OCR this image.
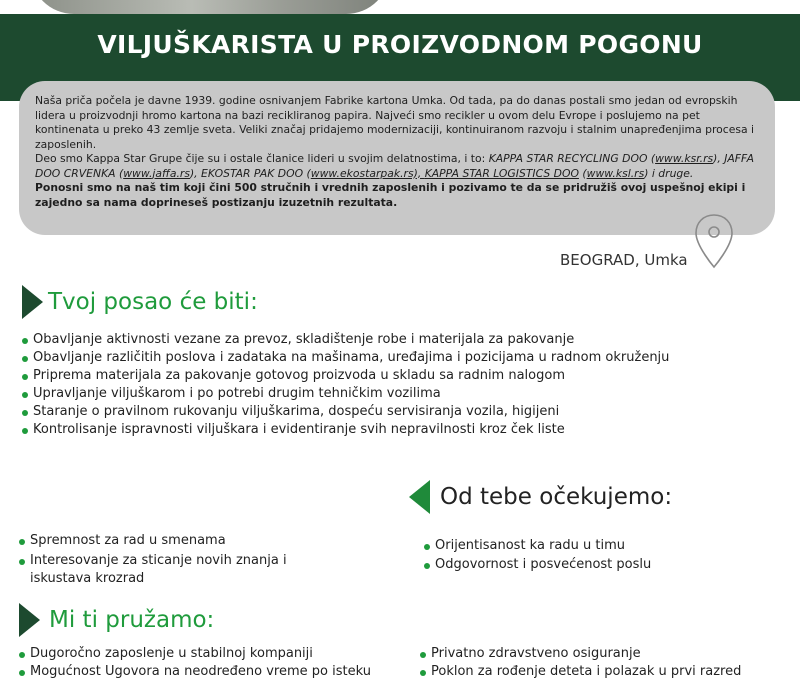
VILJUŠKARISTA U PROIZVODNOM POGONU

Naša priča počela je davne 1939. godine osnivanjem Fabrike kartona Umka. Od tada, pa do danas postali smo jedan od evropskih lidera u proizvodnji hromo kartona na bazi recikliranog papira. Najveći smo recikler u ovom delu Evrope i poslujemo na pet kontinenata u preko 43 zemlje sveta. Veliki značaj pridajemo modernizaciji, kontinuiranom razvoju i stalnim unapređenjima procesa i zaposlenih.

Deo smo Kappa Star Grupe čije su i ostale članice lideri u svojim delatnostima, i to: KAPPA STAR RECYCLING DOO (www.ksr.rs), JAFFA DOO CRVENKA (www.jaffa.rs), EKOSTAR PAK DOO (www.ekostarpak.rs), KAPPA STAR LOGISTICS DOO (www.ksl.rs) i druge.

Ponosni smo na naš tim koji čini 500 stručnih i vrednih zaposlenih i pozivamo te da se pridružiš ovoj uspešnoj ekipi i zajedno sa nama doprineseš postizanju izuzetnih rezultata.

BEOGRAD, Umka
Tvoj posao će biti:
Obavljanje aktivnosti vezane za prevoz, skladištenje robe i materijala za pakovanje
Obavljanje različitih poslova i zadataka na mašinama, uređajima i pozicijama u radnom okruženju
Priprema materijala za pakovanje gotovog proizvoda u skladu sa radnim nalogom
Upravljanje viljuškarom i po potrebi drugim tehničkim vozilima
Staranje o pravilnom rukovanju viljuškarima, dospeću servisiranja vozila, higijeni
Kontrolisanje ispravnosti viljuškara i evidentiranje svih nepravilnosti kroz ček liste
Od tebe očekujemo:
Spremnost za rad u smenama
Interesovanje za sticanje novih znanja i iskustava krozrad
Orijentisanost ka radu u timu
Odgovornost i posvećenost poslu
Mi ti pružamo:
Dugoročno zaposlenje u stabilnoj kompaniji
Mogućnost Ugovora na neodređeno vreme po isteku
Privatno zdravstveno osiguranje
Poklon za rođenje deteta i polazak u prvi razred
